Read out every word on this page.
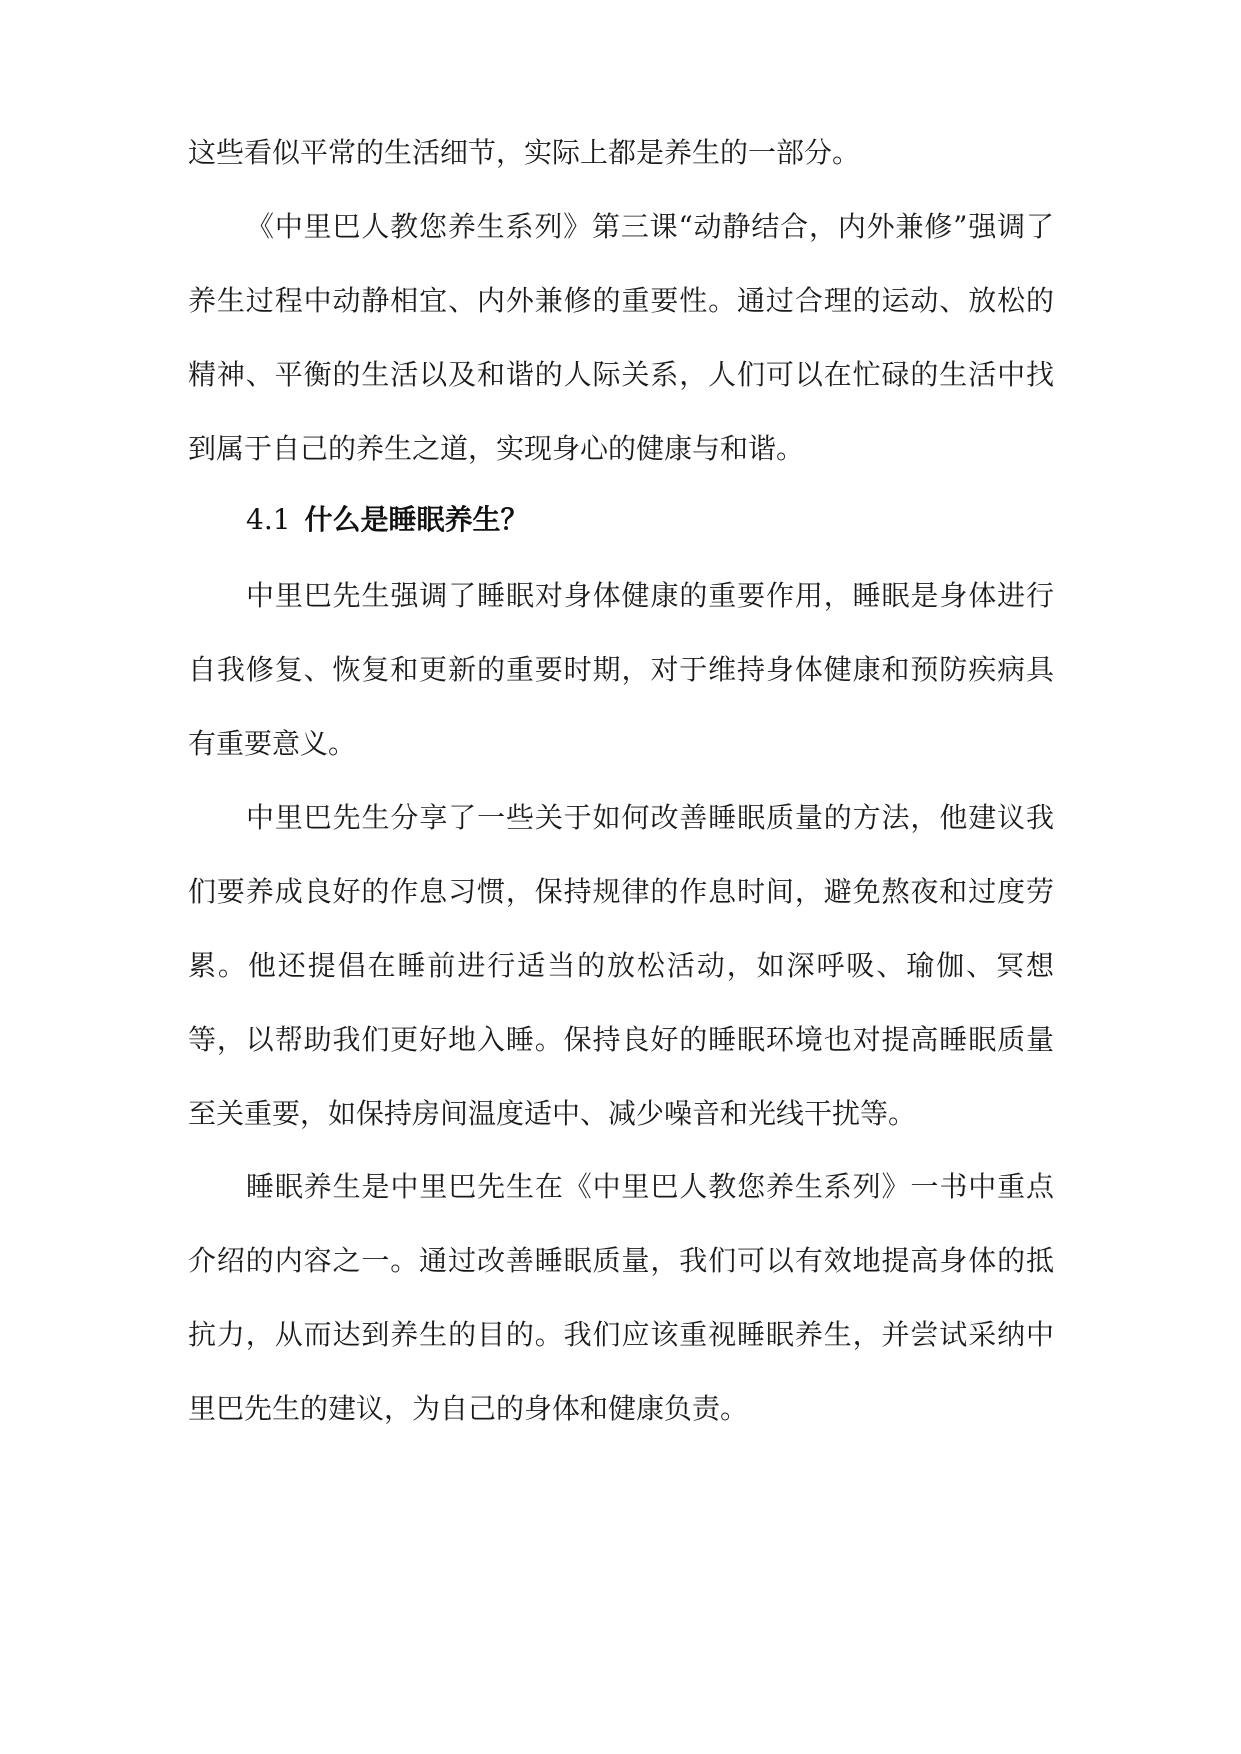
这些看似平常的生活细节，实际上都是养生的一部分。

《中里巴人教您养生系列》第三课“动静结合，内外兼修”强调了养生过程中动静相宜、内外兼修的重要性。通过合理的运动、放松的精神、平衡的生活以及和谐的人际关系，人们可以在忙碌的生活中找到属于自己的养生之道，实现身心的健康与和谐。

4.1 什么是睡眠养生？

中里巴先生强调了睡眠对身体健康的重要作用，睡眠是身体进行自我修复、恢复和更新的重要时期，对于维持身体健康和预防疾病具有重要意义。

中里巴先生分享了一些关于如何改善睡眠质量的方法，他建议我们要养成良好的作息习惯，保持规律的作息时间，避免熬夜和过度劳累。他还提倡在睡前进行适当的放松活动，如深呼吸、瑜伽、冥想等，以帮助我们更好地入睡。保持良好的睡眠环境也对提高睡眠质量至关重要，如保持房间温度适中、减少噪音和光线干扰等。

睡眠养生是中里巴先生在《中里巴人教您养生系列》一书中重点介绍的内容之一。通过改善睡眠质量，我们可以有效地提高身体的抵抗力，从而达到养生的目的。我们应该重视睡眠养生，并尝试采纳中里巴先生的建议，为自己的身体和健康负责。
